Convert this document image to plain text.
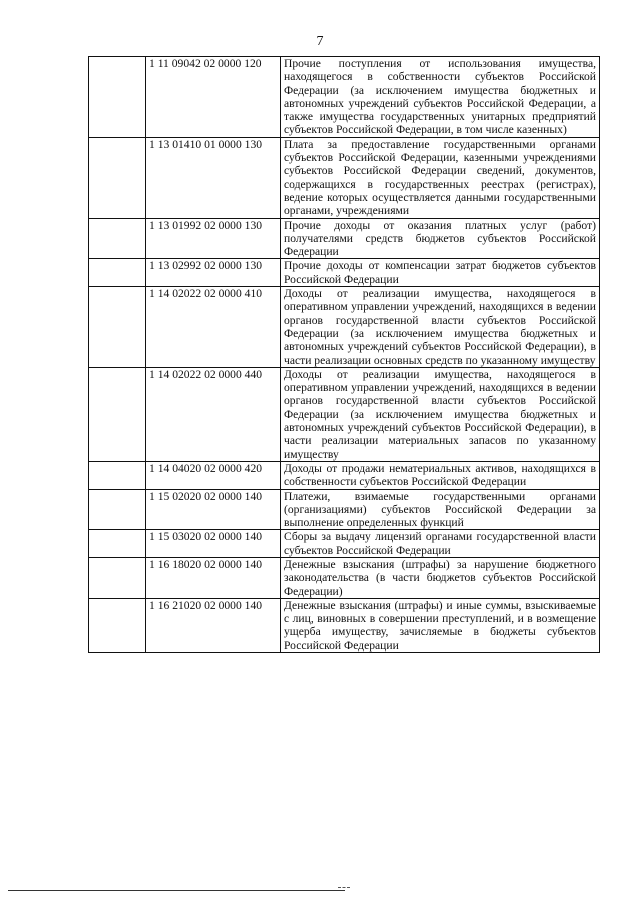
7
	1 11 09042 02 0000 120	Прочие поступления от использования имущества, находящегося в собственности субъектов Российской Федерации (за исключением имущества бюджетных и автономных учреждений субъектов Российской Федерации, а также имущества государственных унитарных предприятий субъектов Российской Федерации, в том числе казенных)
	1 13 01410 01 0000 130	Плата за предоставление государственными органами субъектов Российской Федерации, казенными учреждениями субъектов Российской Федерации сведений, документов, содержащихся в государственных реестрах (регистрах), ведение которых осуществляется данными государственными органами, учреждениями
	1 13 01992 02 0000 130	Прочие доходы от оказания платных услуг (работ) получателями средств бюджетов субъектов Российской Федерации
	1 13 02992 02 0000 130	Прочие доходы от компенсации затрат бюджетов субъектов Российской Федерации
	1 14 02022 02 0000 410	Доходы от реализации имущества, находящегося в оперативном управлении учреждений, находящихся в ведении органов государственной власти субъектов Российской Федерации (за исключением имущества бюджетных и автономных учреждений субъектов Российской Федерации), в части реализации основных средств по указанному имуществу
	1 14 02022 02 0000 440	Доходы от реализации имущества, находящегося в оперативном управлении учреждений, находящихся в ведении органов государственной власти субъектов Российской Федерации (за исключением имущества бюджетных и автономных учреждений субъектов Российской Федерации), в части реализации материальных запасов по указанному имуществу
	1 14 04020 02 0000 420	Доходы от продажи нематериальных активов, находящихся в собственности субъектов Российской Федерации
	1 15 02020 02 0000 140	Платежи, взимаемые государственными органами (организациями) субъектов Российской Федерации за выполнение определенных функций
	1 15 03020 02 0000 140	Сборы за выдачу лицензий органами государственной власти субъектов Российской Федерации
	1 16 18020 02 0000 140	Денежные взыскания (штрафы) за нарушение бюджетного законодательства (в части бюджетов субъектов Российской Федерации)
	1 16 21020 02 0000 140	Денежные взыскания (штрафы) и иные суммы, взыскиваемые с лиц, виновных в совершении преступлений, и в возмещение ущерба имуществу, зачисляемые в бюджеты субъектов Российской Федерации
